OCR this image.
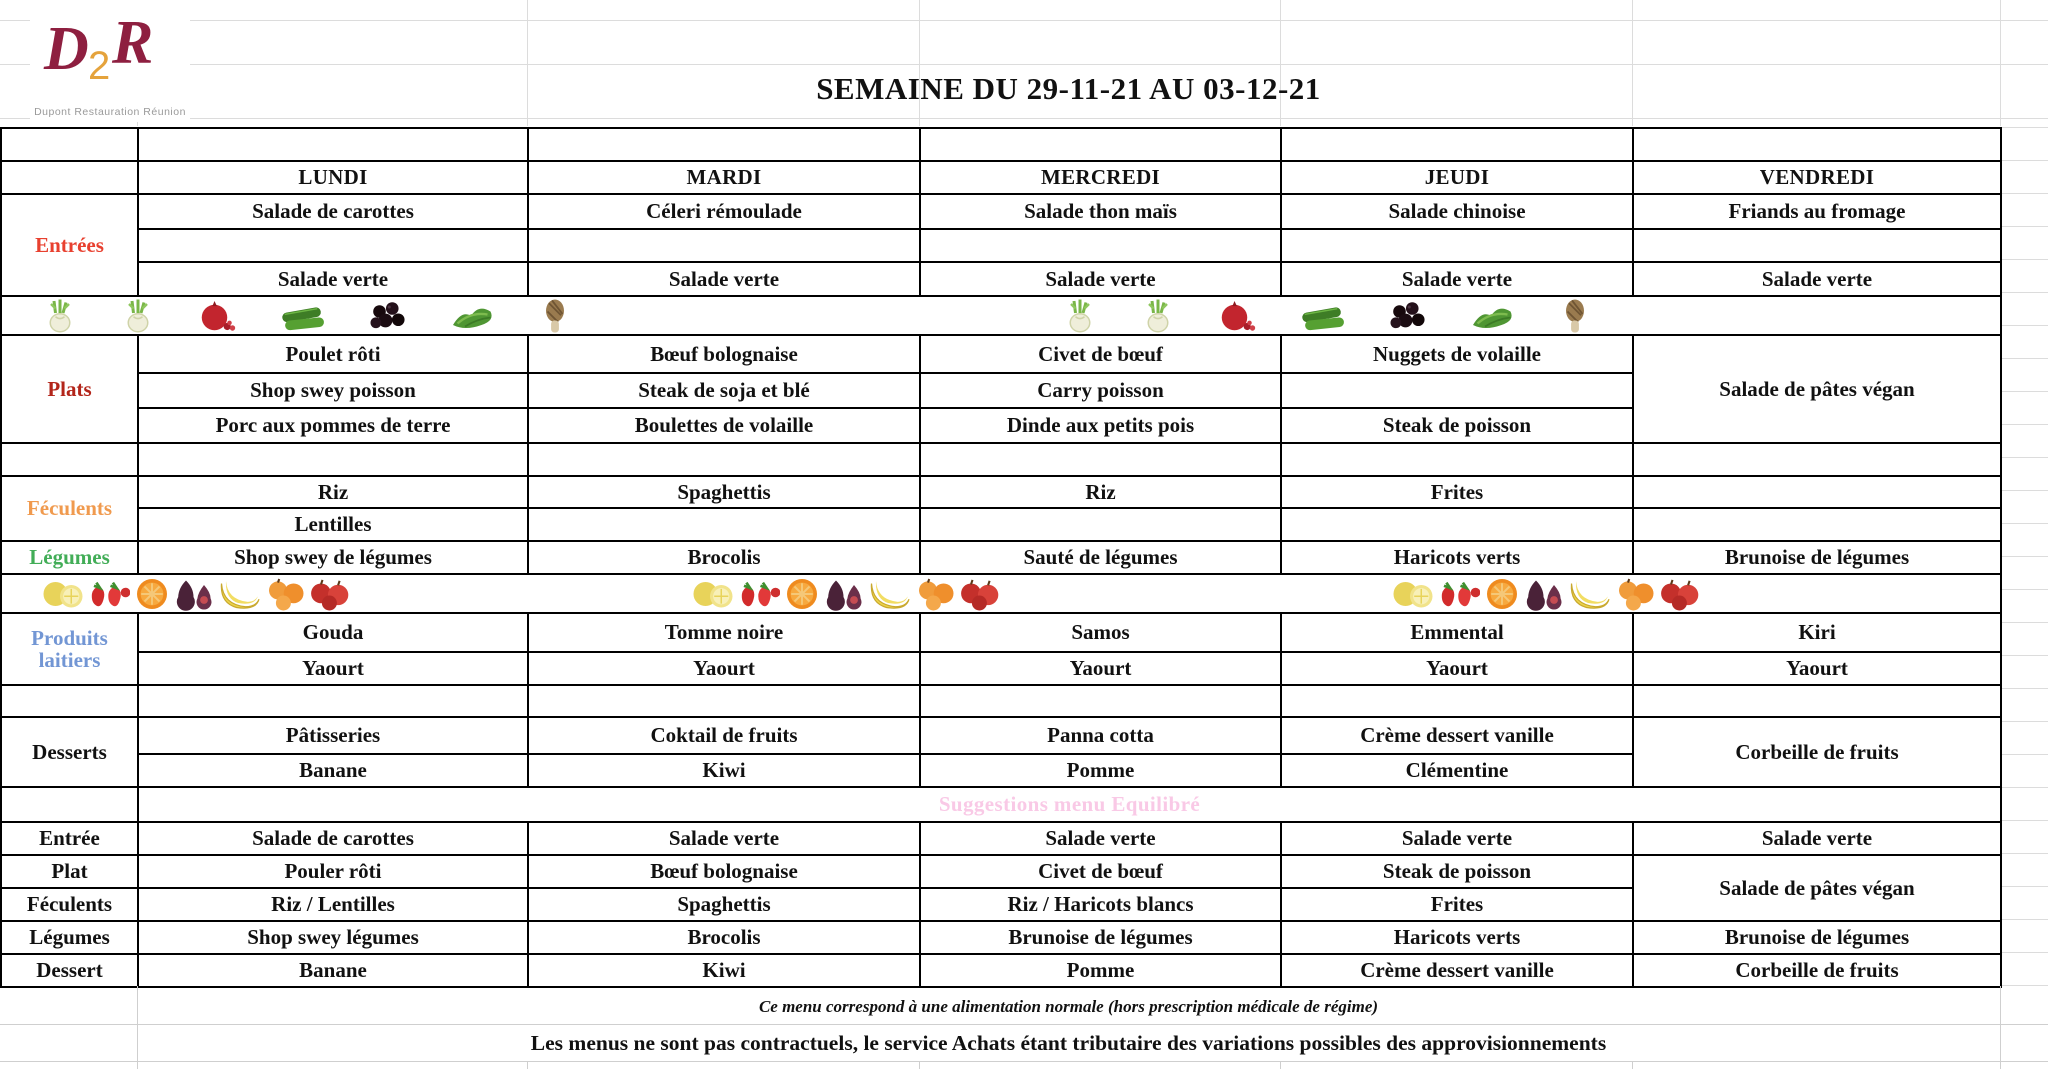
D 2 R
Dupont Restauration Réunion
SEMAINE DU 29-11-21 AU 03-12-21
Fête du jour					
	LUNDI	MARDI	MERCREDI	JEUDI	VENDREDI
Entrées	Salade de carottes	Céleri rémoulade	Salade thon maïs	Salade chinoise	Friands au fromage

	Salade verte	Salade verte	Salade verte	Salade verte	Salade verte

Plats	Poulet rôti	Bœuf bolognaise	Civet de bœuf	Nuggets de volaille	Salade de pâtes végan
	Shop swey poisson	Steak de soja et blé	Carry poisson		
	Porc aux pommes de terre	Boulettes de volaille	Dinde aux petits pois	Steak de poisson	

Féculents	Riz	Spaghettis	Riz	Frites	
	Lentilles				
Légumes	Shop swey de légumes	Brocolis	Sauté de légumes	Haricots verts	Brunoise de légumes

Produits
laitiers	Gouda	Tomme noire	Samos	Emmental	Kiri
	Yaourt	Yaourt	Yaourt	Yaourt	Yaourt

Desserts	Pâtisseries	Coktail de fruits	Panna cotta	Crème dessert vanille	Corbeille de fruits
	Banane	Kiwi	Pomme	Clémentine	
	Suggestions menu Equilibré				
Entrée	Salade de carottes	Salade verte	Salade verte	Salade verte	Salade verte
Plat	Pouler rôti	Bœuf bolognaise	Civet de bœuf	Steak de poisson	Salade de pâtes végan
Féculents	Riz / Lentilles	Spaghettis	Riz / Haricots blancs	Frites	
Légumes	Shop swey légumes	Brocolis	Brunoise de légumes	Haricots verts	Brunoise de légumes
Dessert	Banane	Kiwi	Pomme	Crème dessert vanille	Corbeille de fruits
Ce menu correspond à une alimentation normale (hors prescription médicale de régime)
Les menus ne sont pas contractuels, le service Achats étant tributaire des variations possibles des approvisionnements
